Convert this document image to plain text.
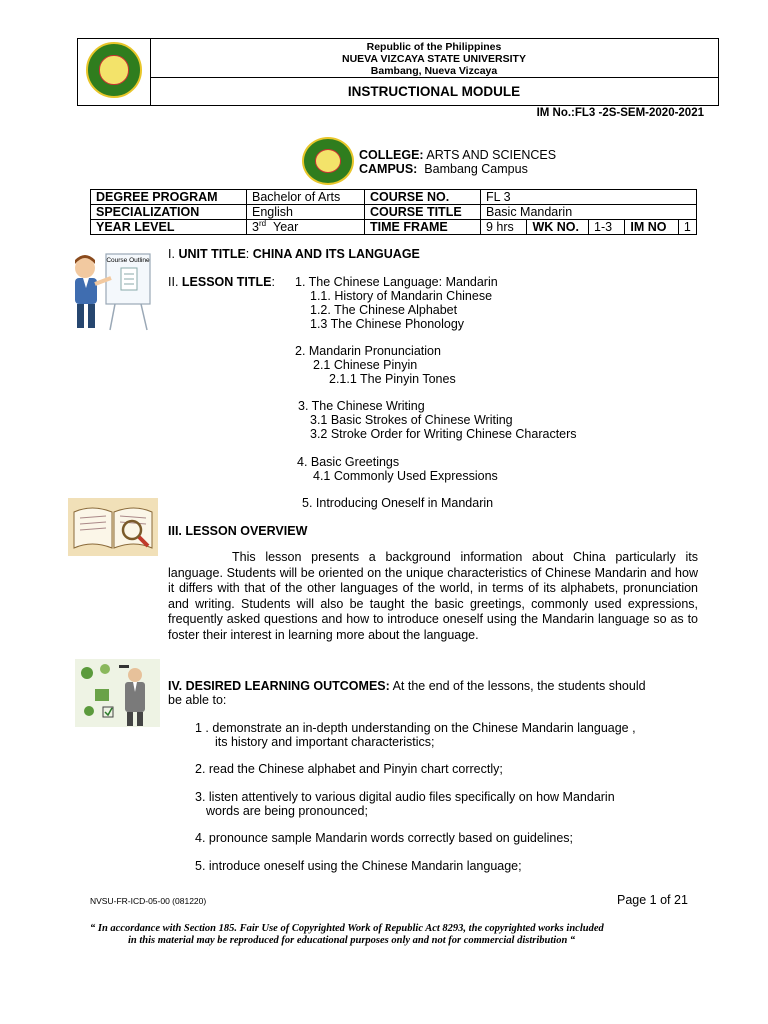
Republic of the Philippines
NUEVA VIZCAYA STATE UNIVERSITY
Bambang, Nueva Vizcaya
INSTRUCTIONAL MODULE
IM No.:FL3 -2S-SEM-2020-2021
COLLEGE: ARTS AND SCIENCES
CAMPUS: Bambang Campus
DEGREE PROGRAM	Bachelor of Arts	COURSE NO.	FL 3				
SPECIALIZATION	English	COURSE TITLE	Basic Mandarin				
YEAR LEVEL	3rd Year	TIME FRAME	9 hrs	WK NO.	1-3	IM NO	1
Course Outline I. UNIT TITLE: CHINA AND ITS LANGUAGE
II. LESSON TITLE: 1. The Chinese Language: Mandarin
1.1. History of Mandarin Chinese
1.2. The Chinese Alphabet
1.3 The Chinese Phonology
2. Mandarin Pronunciation
2.1 Chinese Pinyin
2.1.1 The Pinyin Tones
3. The Chinese Writing
3.1 Basic Strokes of Chinese Writing
3.2 Stroke Order for Writing Chinese Characters
4. Basic Greetings
4.1 Commonly Used Expressions
5. Introducing Oneself in Mandarin
III. LESSON OVERVIEW
This lesson presents a background information about China particularly its language. Students will be oriented on the unique characteristics of Chinese Mandarin and how it differs with that of the other languages of the world, in terms of its alphabets, pronunciation and writing. Students will also be taught the basic greetings, commonly used expressions, frequently asked questions and how to introduce oneself using the Mandarin language so as to foster their interest in learning more about the language.
IV. DESIRED LEARNING OUTCOMES: At the end of the lessons, the students should
be able to:
1 . demonstrate an in-depth understanding on the Chinese Mandarin language ,
its history and important characteristics;
2. read the Chinese alphabet and Pinyin chart correctly;
3. listen attentively to various digital audio files specifically on how Mandarin
words are being pronounced;
4. pronounce sample Mandarin words correctly based on guidelines;
5. introduce oneself using the Chinese Mandarin language;
NVSU-FR-ICD-05-00 (081220)	Page 1 of 21
“ In accordance with Section 185. Fair Use of Copyrighted Work of Republic Act 8293, the copyrighted works included
in this material may be reproduced for educational purposes only and not for commercial distribution “
